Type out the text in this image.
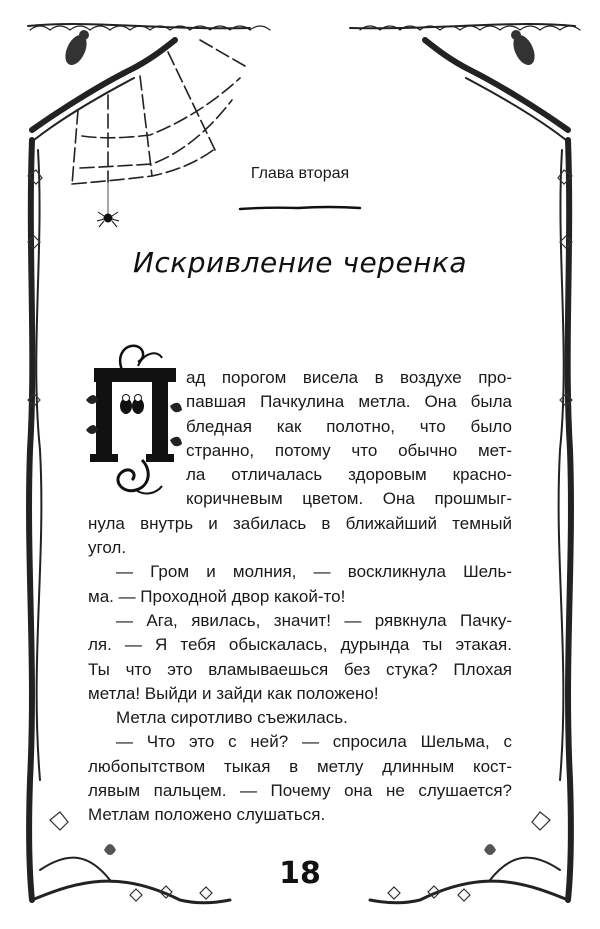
Глава вторая
Искривление черенка
ад порогом висела в воздухе про-
павшая Пачкулина метла. Она была
бледная как полотно, что было
странно, потому что обычно мет-
ла отличалась здоровым красно-
коричневым цветом. Она прошмыг-
нула внутрь и забилась в ближайший темный
угол.
— Гром и молния, — воскликнула Шель-
ма. — Проходной двор какой-то!
— Ага, явилась, значит! — рявкнула Пачку-
ля. — Я тебя обыскалась, дурында ты этакая.
Ты что это вламываешься без стука? Плохая
метла! Выйди и зайди как положено!
Метла сиротливо съежилась.
— Что это с ней? — спросила Шельма, с
любопытством тыкая в метлу длинным кост-
лявым пальцем. — Почему она не слушается?
Метлам положено слушаться.
18
